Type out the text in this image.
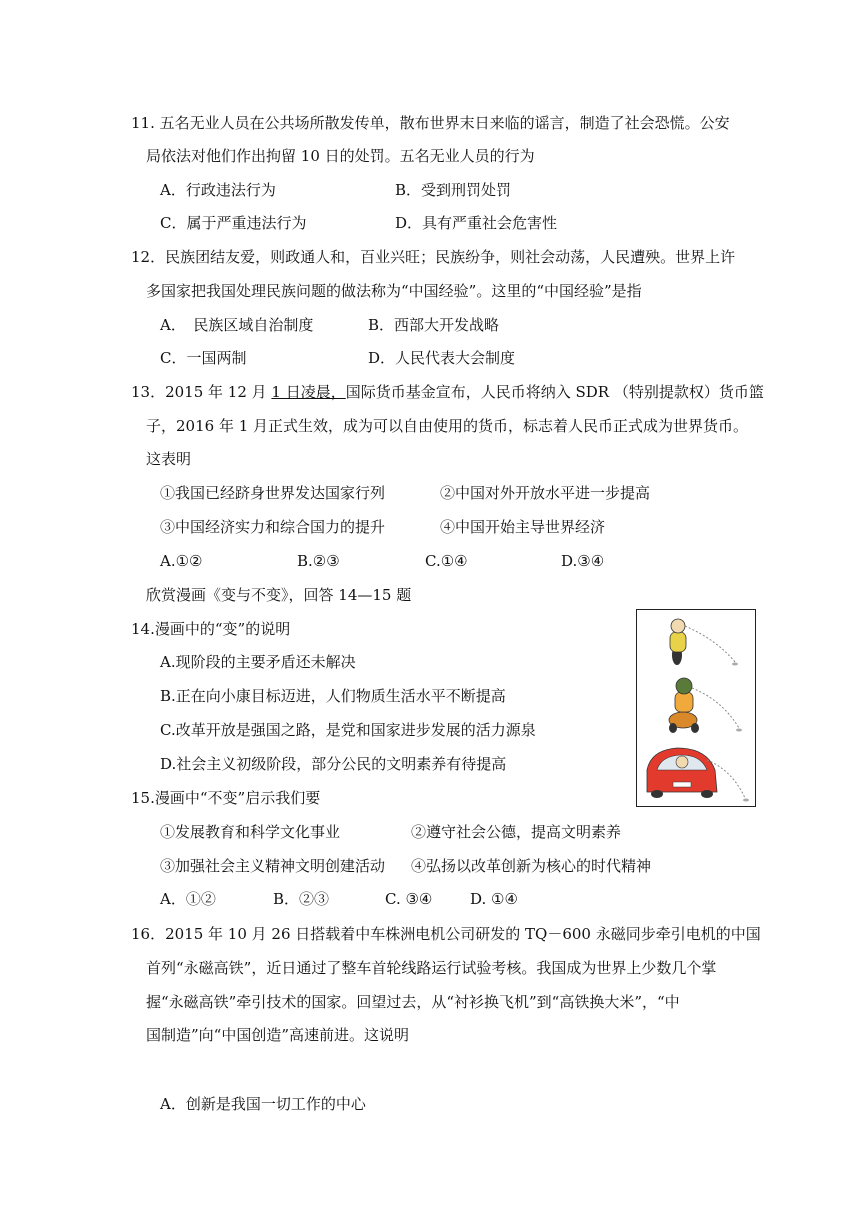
11. 五名无业人员在公共场所散发传单，散布世界末日来临的谣言，制造了社会恐慌。公安
局依法对他们作出拘留 10 日的处罚。五名无业人员的行为
A．行政违法行为	B．受到刑罚处罚
C．属于严重违法行为	D．具有严重社会危害性
12．民族团结友爱，则政通人和，百业兴旺；民族纷争，则社会动荡，人民遭殃。世界上许
多国家把我国处理民族问题的做法称为“中国经验”。这里的“中国经验”是指
A．　民族区域自治制度	B．西部大开发战略
C．一国两制	D．人民代表大会制度
13．2015 年 12 月 1 日凌晨，国际货币基金宣布，人民币将纳入 SDR （特别提款权）货币篮
子，2016 年 1 月正式生效，成为可以自由使用的货币，标志着人民币正式成为世界货币。
这表明
①我国已经跻身世界发达国家行列	②中国对外开放水平进一步提高
③中国经济实力和综合国力的提升	④中国开始主导世界经济
A.①②	B.②③	C.①④	D.③④
欣赏漫画《变与不变》，回答 14—15 题
14.漫画中的“变”的说明
A.现阶段的主要矛盾还未解决
B.正在向小康目标迈进，人们物质生活水平不断提高
C.改革开放是强国之路，是党和国家进步发展的活力源泉
D.社会主义初级阶段，部分公民的文明素养有待提高
15.漫画中“不变”启示我们要
①发展教育和科学文化事业	②遵守社会公德，提高文明素养
③加强社会主义精神文明创建活动 ④弘扬以改革创新为核心的时代精神
A．①②	B．②③	C. ③④	D. ①④
16．2015 年 10 月 26 日搭载着中车株洲电机公司研发的 TQ－600 永磁同步牵引电机的中国
首列“永磁高铁”，近日通过了整车首轮线路运行试验考核。我国成为世界上少数几个掌
握“永磁高铁”牵引技术的国家。回望过去，从“衬衫换飞机”到“高铁换大米”，“中
国制造”向“中国创造”高速前进。这说明
A．创新是我国一切工作的中心
